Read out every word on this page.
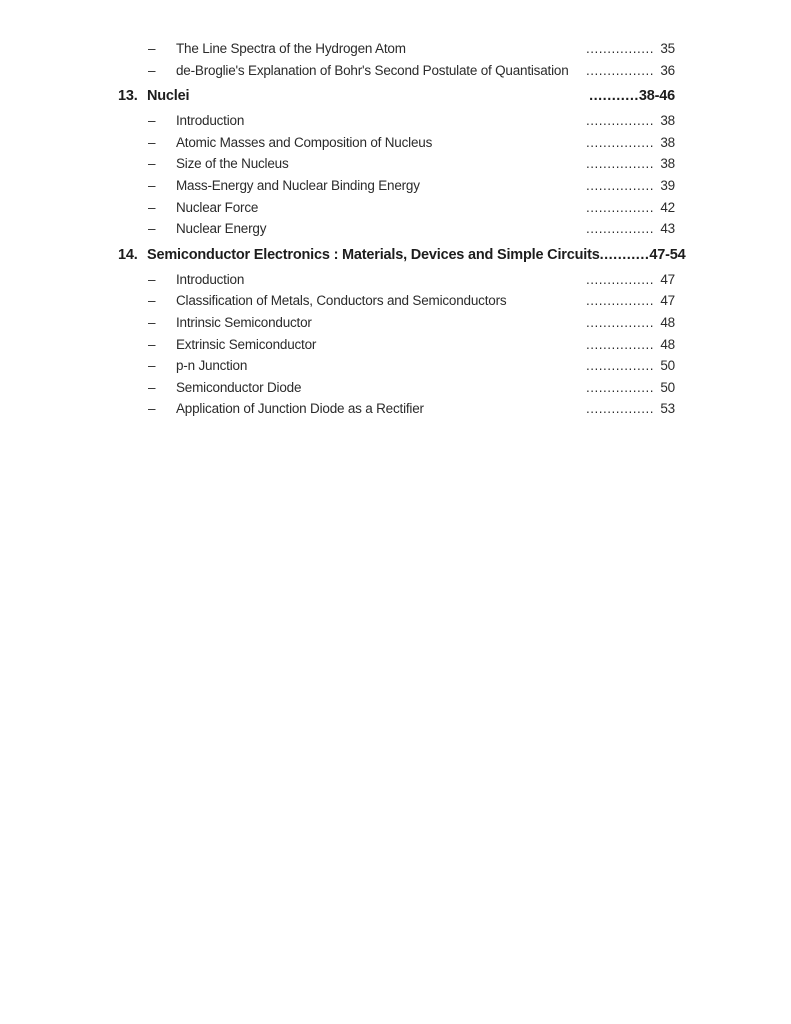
–	The Line Spectra of the Hydrogen Atom	................ 35
–	de-Broglie's Explanation of Bohr's Second Postulate of Quantisation ................ 36
13. Nuclei	........... 38-46
–	Introduction	................ 38
–	Atomic Masses and Composition of Nucleus	................ 38
–	Size of the Nucleus	................ 38
–	Mass-Energy and Nuclear Binding Energy	................ 39
–	Nuclear Force	................ 42
–	Nuclear Energy	................ 43
14. Semiconductor Electronics : Materials, Devices and Simple Circuits ........... 47-54
–	Introduction	................ 47
–	Classification of Metals, Conductors and Semiconductors	................ 47
–	Intrinsic Semiconductor	................ 48
–	Extrinsic Semiconductor	................ 48
–	p-n Junction	................ 50
–	Semiconductor Diode	................ 50
–	Application of Junction Diode as a Rectifier	................ 53
